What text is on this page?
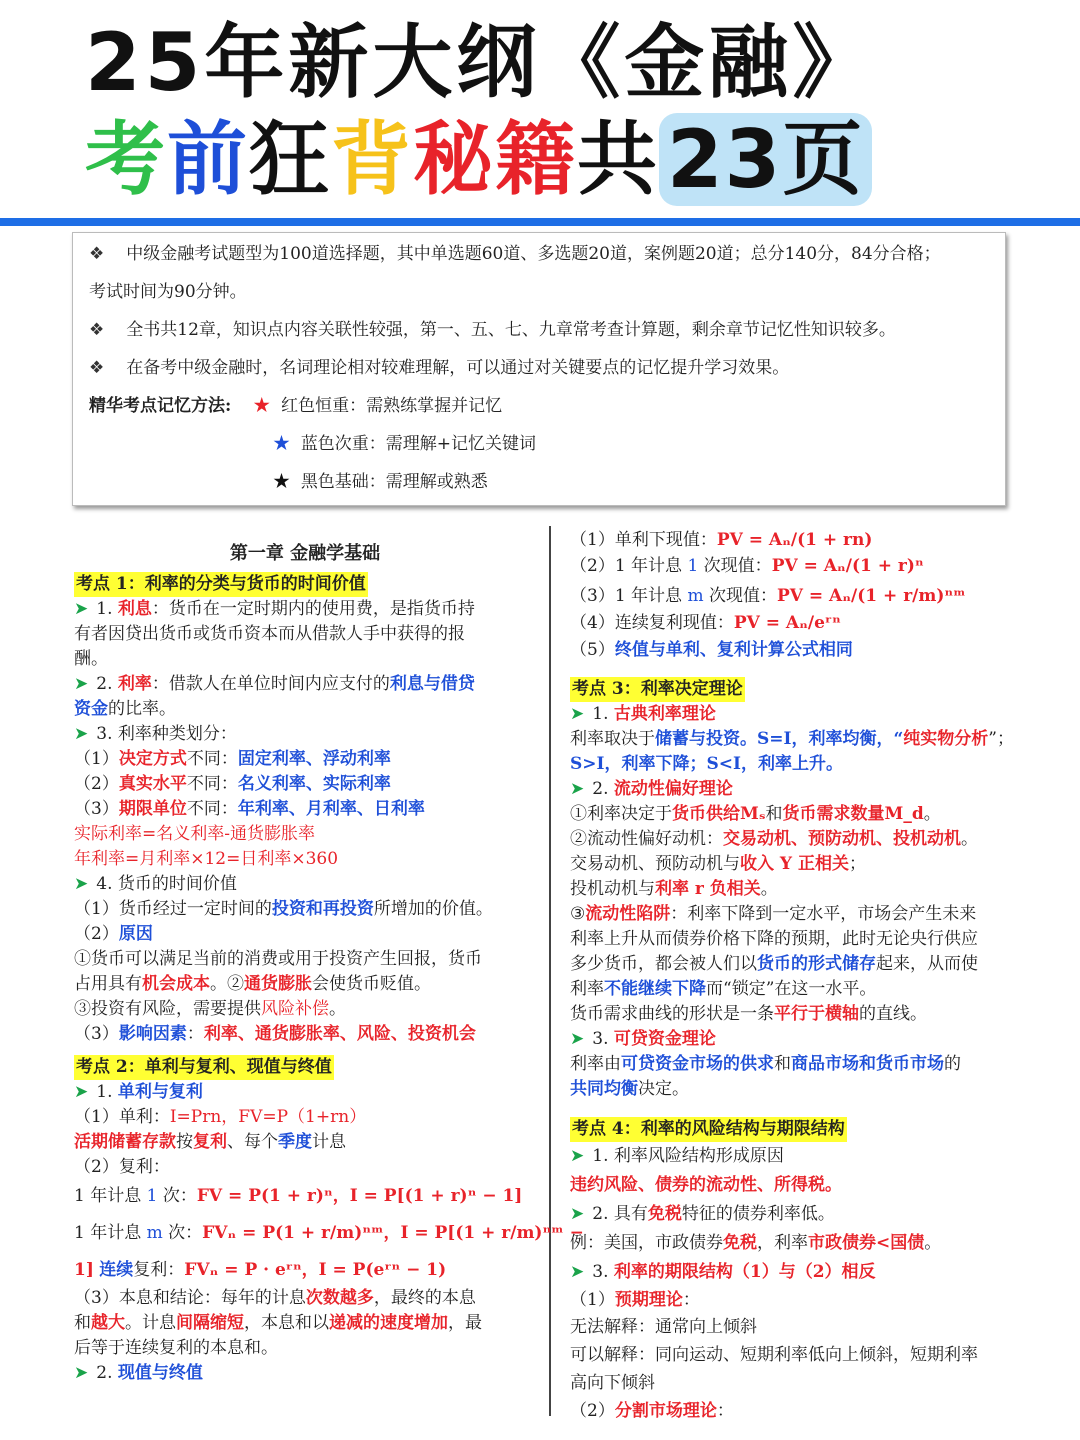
25年新大纲《金融》
考前狂背秘籍共 23页
❖ 中级金融考试题型为100道选择题，其中单选题60道、多选题20道，案例题20道；总分140分，84分合格；
考试时间为90分钟。
❖ 全书共12章，知识点内容关联性较强，第一、五、七、九章常考查计算题，剩余章节记忆性知识较多。
❖ 在备考中级金融时，名词理论相对较难理解，可以通过对关键要点的记忆提升学习效果。
精华考点记忆方法: ★ 红色恒重：需熟练掌握并记忆
★ 蓝色次重：需理解+记忆关键词
★ 黑色基础：需理解或熟悉
第一章 金融学基础
考点 1：利率的分类与货币的时间价值
➤ 1. 利息：货币在一定时期内的使用费，是指货币持
有者因贷出货币或货币资本而从借款人手中获得的报
酬。
➤ 2. 利率：借款人在单位时间内应支付的利息与借贷
资金的比率。
➤ 3. 利率种类划分：
（1）决定方式不同：固定利率、浮动利率
（2）真实水平不同：名义利率、实际利率
（3）期限单位不同：年利率、月利率、日利率
实际利率=名义利率-通货膨胀率
年利率=月利率×12=日利率×360
➤ 4. 货币的时间价值
（1）货币经过一定时间的投资和再投资所增加的价值。
（2）原因
①货币可以满足当前的消费或用于投资产生回报，货币
占用具有机会成本。②通货膨胀会使货币贬值。
③投资有风险，需要提供风险补偿。
（3）影响因素：利率、通货膨胀率、风险、投资机会
考点 2：单利与复利、现值与终值
➤ 1. 单利与复利
（1）单利：I=Prn，FV=P（1+rn）
活期储蓄存款按复利、每个季度计息
（2）复利：
1 年计息 1 次：FV = P(1 + r)ⁿ，I = P[(1 + r)ⁿ − 1]
1 年计息 m 次：FVₙ = P(1 + r/m)ⁿᵐ，I = P[(1 + r/m)ⁿᵐ −
1] 连续复利：FVₙ = P · eʳⁿ，I = P(eʳⁿ − 1)
（3）本息和结论：每年的计息次数越多，最终的本息
和越大。计息间隔缩短，本息和以递减的速度增加，最
后等于连续复利的本息和。
➤ 2. 现值与终值
（1）单利下现值：PV = Aₙ/(1 + rn)
（2）1 年计息 1 次现值：PV = Aₙ/(1 + r)ⁿ
（3）1 年计息 m 次现值：PV = Aₙ/(1 + r/m)ⁿᵐ
（4）连续复利现值：PV = Aₙ/eʳⁿ
（5）终值与单利、复利计算公式相同
考点 3：利率决定理论
➤ 1. 古典利率理论
利率取决于储蓄与投资。S=I，利率均衡，“纯实物分析”；
S>I，利率下降；S<I，利率上升。
➤ 2. 流动性偏好理论
①利率决定于货币供给Mₛ和货币需求数量M_d。
②流动性偏好动机：交易动机、预防动机、投机动机。
交易动机、预防动机与收入 Y 正相关；
投机动机与利率 r 负相关。
③流动性陷阱：利率下降到一定水平，市场会产生未来
利率上升从而债券价格下降的预期，此时无论央行供应
多少货币，都会被人们以货币的形式储存起来，从而使
利率不能继续下降而“锁定”在这一水平。
货币需求曲线的形状是一条平行于横轴的直线。
➤ 3. 可贷资金理论
利率由可贷资金市场的供求和商品市场和货币市场的
共同均衡决定。
考点 4：利率的风险结构与期限结构
➤ 1. 利率风险结构形成原因
违约风险、债券的流动性、所得税。
➤ 2. 具有免税特征的债券利率低。
例：美国，市政债券免税，利率市政债券<国债。
➤ 3. 利率的期限结构（1）与（2）相反
（1）预期理论：
无法解释：通常向上倾斜
可以解释：同向运动、短期利率低向上倾斜，短期利率
高向下倾斜
（2）分割市场理论：
